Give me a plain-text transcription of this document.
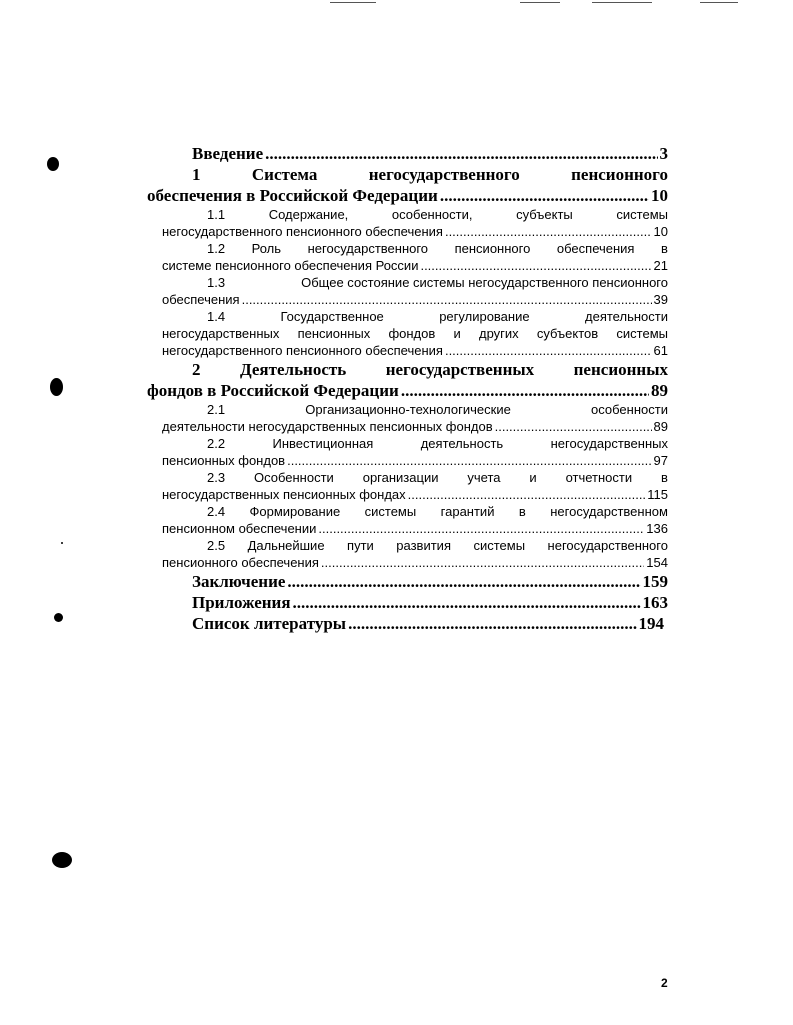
Введение .....	3
1	Система	негосударственного	пенсионного
обеспечения в Российской Федерации .....	10
1.1	Содержание,	особенности,	субъекты	системы
негосударственного пенсионного обеспечения .....	10
1.2 Роль негосударственного пенсионного обеспечения в
системе пенсионного обеспечения России .....	21
1.3	Общее состояние системы негосударственного пенсионного
обеспечения .....	39
1.4	Государственное	регулирование	деятельности
негосударственных пенсионных фондов и других субъектов системы
негосударственного пенсионного обеспечения .....	61
2 Деятельность негосударственных пенсионных
фондов в Российской Федерации .....	89
2.1	Организационно-технологические	особенности
деятельности негосударственных пенсионных фондов .....	89
2.2	Инвестиционная	деятельность	негосударственных
пенсионных фондов .....	97
2.3 Особенности организации учета и отчетности в
негосударственных пенсионных фондах .....	115
2.4 Формирование системы гарантий в негосударственном
пенсионном обеспечении .....	136
2.5 Дальнейшие пути развития системы негосударственного
пенсионного обеспечения .....	154
Заключение .....	159
Приложения .....	163
Список литературы .....	194
2
